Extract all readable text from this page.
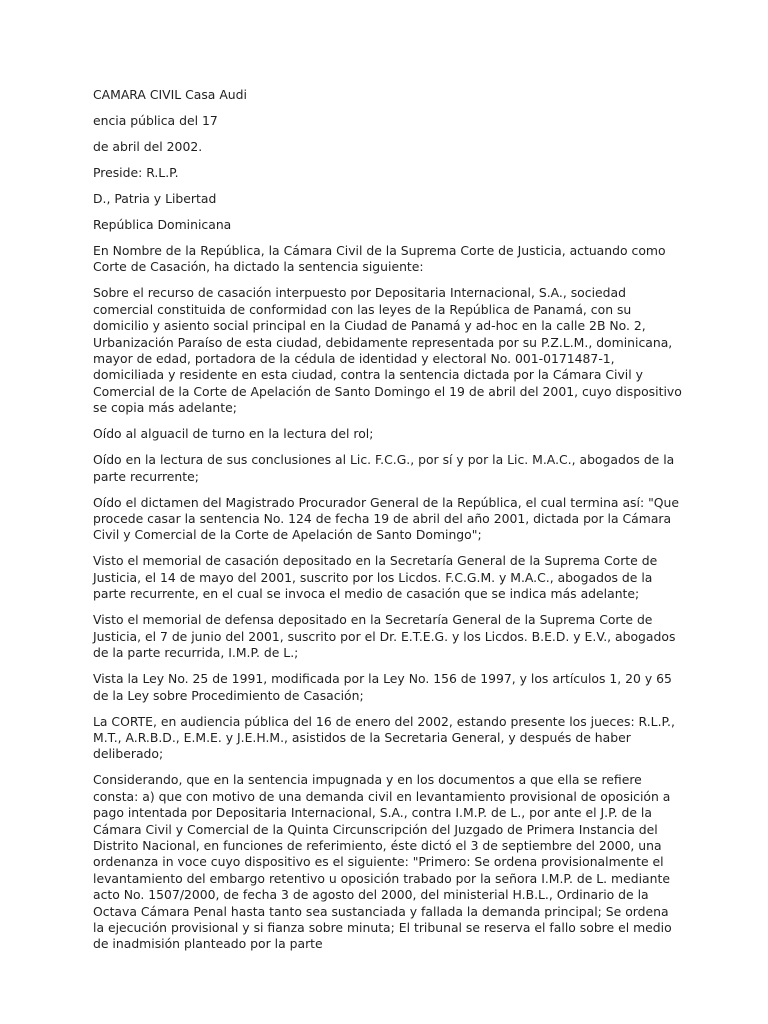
CAMARA CIVIL Casa Audi

encia pública del 17

de abril del 2002.

Preside: R.L.P.

D., Patria y Libertad

República Dominicana

En Nombre de la República, la Cámara Civil de la Suprema Corte de Justicia, actuando como Corte de Casación, ha dictado la sentencia siguiente:

Sobre el recurso de casación interpuesto por Depositaria Internacional, S.A., sociedad comercial constituida de conformidad con las leyes de la República de Panamá, con su domicilio y asiento social principal en la Ciudad de Panamá y ad-hoc en la calle 2B No. 2, Urbanización Paraíso de esta ciudad, debidamente representada por su P.Z.L.M., dominicana, mayor de edad, portadora de la cédula de identidad y electoral No. 001-0171487-1, domiciliada y residente en esta ciudad, contra la sentencia dictada por la Cámara Civil y Comercial de la Corte de Apelación de Santo Domingo el 19 de abril del 2001, cuyo dispositivo se copia más adelante;

Oído al alguacil de turno en la lectura del rol;

Oído en la lectura de sus conclusiones al Lic. F.C.G., por sí y por la Lic. M.A.C., abogados de la parte recurrente;

Oído el dictamen del Magistrado Procurador General de la República, el cual termina así: "Que procede casar la sentencia No. 124 de fecha 19 de abril del año 2001, dictada por la Cámara Civil y Comercial de la Corte de Apelación de Santo Domingo";

Visto el memorial de casación depositado en la Secretaría General de la Suprema Corte de Justicia, el 14 de mayo del 2001, suscrito por los Licdos. F.C.G.M. y M.A.C., abogados de la parte recurrente, en el cual se invoca el medio de casación que se indica más adelante;

Visto el memorial de defensa depositado en la Secretaría General de la Suprema Corte de Justicia, el 7 de junio del 2001, suscrito por el Dr. E.T.E.G. y los Licdos. B.E.D. y E.V., abogados de la parte recurrida, I.M.P. de L.;

Vista la Ley No. 25 de 1991, modificada por la Ley No. 156 de 1997, y los artículos 1, 20 y 65 de la Ley sobre Procedimiento de Casación;

La CORTE, en audiencia pública del 16 de enero del 2002, estando presente los jueces: R.L.P., M.T., A.R.B.D., E.M.E. y J.E.H.M., asistidos de la Secretaria General, y después de haber deliberado;

Considerando, que en la sentencia impugnada y en los documentos a que ella se refiere consta: a) que con motivo de una demanda civil en levantamiento provisional de oposición a pago intentada por Depositaria Internacional, S.A., contra I.M.P. de L., por ante el J.P. de la Cámara Civil y Comercial de la Quinta Circunscripción del Juzgado de Primera Instancia del Distrito Nacional, en funciones de referimiento, éste dictó el 3 de septiembre del 2000, una ordenanza in voce cuyo dispositivo es el siguiente: "Primero: Se ordena provisionalmente el levantamiento del embargo retentivo u oposición trabado por la señora I.M.P. de L. mediante acto No. 1507/2000, de fecha 3 de agosto del 2000, del ministerial H.B.L., Ordinario de la Octava Cámara Penal hasta tanto sea sustanciada y fallada la demanda principal; Se ordena la ejecución provisional y si fianza sobre minuta; El tribunal se reserva el fallo sobre el medio de inadmisión planteado por la parte
